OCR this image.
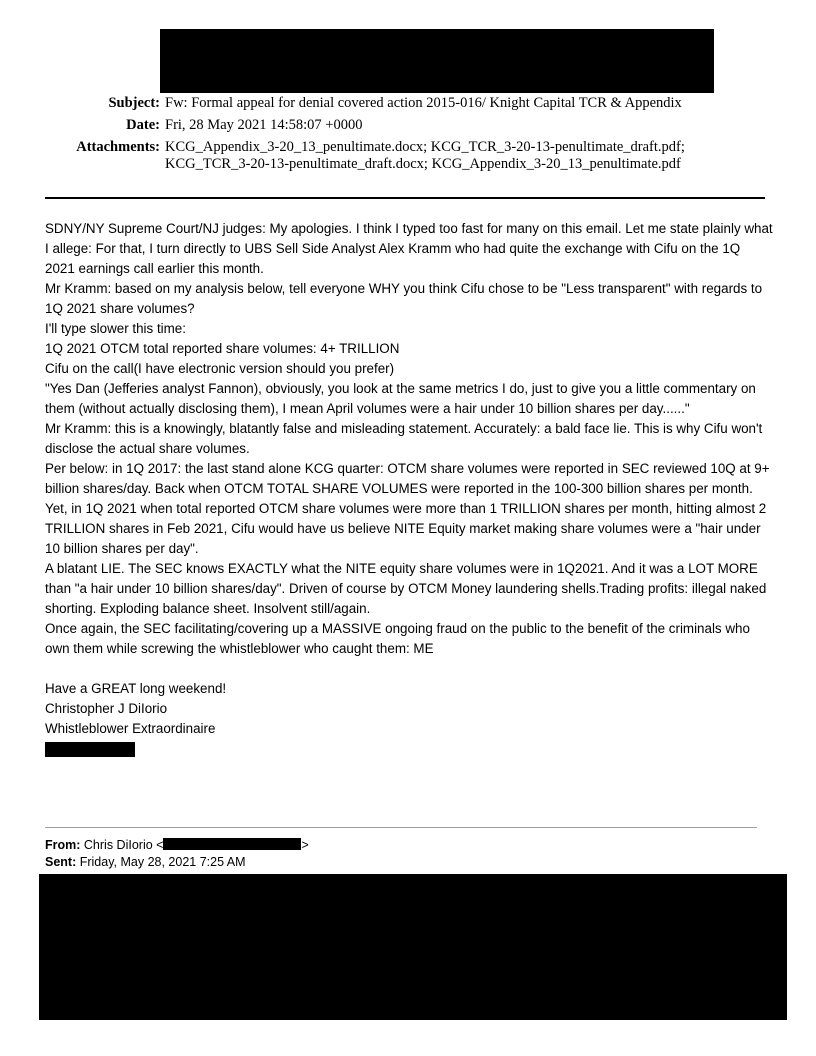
Subject: Fw: Formal appeal for denial covered action 2015-016/ Knight Capital TCR & Appendix
Date: Fri, 28 May 2021 14:58:07 +0000
Attachments: KCG_Appendix_3-20_13_penultimate.docx; KCG_TCR_3-20-13-penultimate_draft.pdf;
KCG_TCR_3-20-13-penultimate_draft.docx; KCG_Appendix_3-20_13_penultimate.pdf

SDNY/NY Supreme Court/NJ judges: My apologies. I think I typed too fast for many on this email. Let me state plainly what I allege: For that, I turn directly to UBS Sell Side Analyst Alex Kramm who had quite the exchange with Cifu on the 1Q 2021 earnings call earlier this month.

Mr Kramm: based on my analysis below, tell everyone WHY you think Cifu chose to be "Less transparent" with regards to 1Q 2021 share volumes?

I'll type slower this time:

1Q 2021 OTCM total reported share volumes: 4+ TRILLION

Cifu on the call(I have electronic version should you prefer)

"Yes Dan (Jefferies analyst Fannon), obviously, you look at the same metrics I do, just to give you a little commentary on them (without actually disclosing them), I mean April volumes were a hair under 10 billion shares per day......"

Mr Kramm: this is a knowingly, blatantly false and misleading statement. Accurately: a bald face lie. This is why Cifu won't disclose the actual share volumes.

Per below: in 1Q 2017: the last stand alone KCG quarter: OTCM share volumes were reported in SEC reviewed 10Q at 9+ billion shares/day. Back when OTCM TOTAL SHARE VOLUMES were reported in the 100-300 billion shares per month.

Yet, in 1Q 2021 when total reported OTCM share volumes were more than 1 TRILLION shares per month, hitting almost 2 TRILLION shares in Feb 2021, Cifu would have us believe NITE Equity market making share volumes were a "hair under 10 billion shares per day".

A blatant LIE. The SEC knows EXACTLY what the NITE equity share volumes were in 1Q2021. And it was a LOT MORE than "a hair under 10 billion shares/day". Driven of course by OTCM Money laundering shells.Trading profits: illegal naked shorting. Exploding balance sheet. Insolvent still/again.

Once again, the SEC facilitating/covering up a MASSIVE ongoing fraud on the public to the benefit of the criminals who own them while screwing the whistleblower who caught them: ME

Have a GREAT long weekend!

Christopher J DiIorio

Whistleblower Extraordinaire

From: Chris DiIorio <	>
Sent: Friday, May 28, 2021 7:25 AM
